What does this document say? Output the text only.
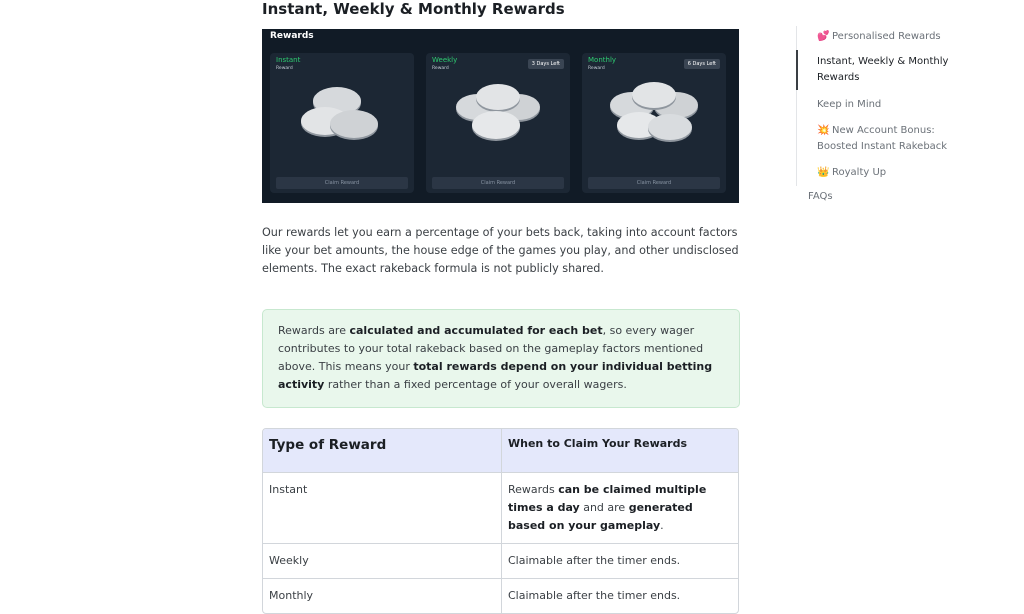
Instant, Weekly & Monthly Rewards
Rewards
Instant
Reward
Claim Reward
Weekly
Reward
3 Days Left
Claim Reward
Monthly
Reward
6 Days Left
Claim Reward

Our rewards let you earn a percentage of your bets back, taking into account factors like your bet amounts, the house edge of the games you play, and other undisclosed elements. The exact rakeback formula is not publicly shared.

Rewards are calculated and accumulated for each bet, so every wager contributes to your total rakeback based on the gameplay factors mentioned above. This means your total rewards depend on your individual betting activity rather than a fixed percentage of your overall wagers.
Type of Reward	When to Claim Your Rewards
Instant	Rewards can be claimed multiple times a day and are generated based on your gameplay.
Weekly	Claimable after the timer ends.
Monthly	Claimable after the timer ends.
💕 Personalised Rewards
Instant, Weekly & Monthly Rewards
Keep in Mind
💥 New Account Bonus: Boosted Instant Rakeback
👑 Royalty Up
FAQs
